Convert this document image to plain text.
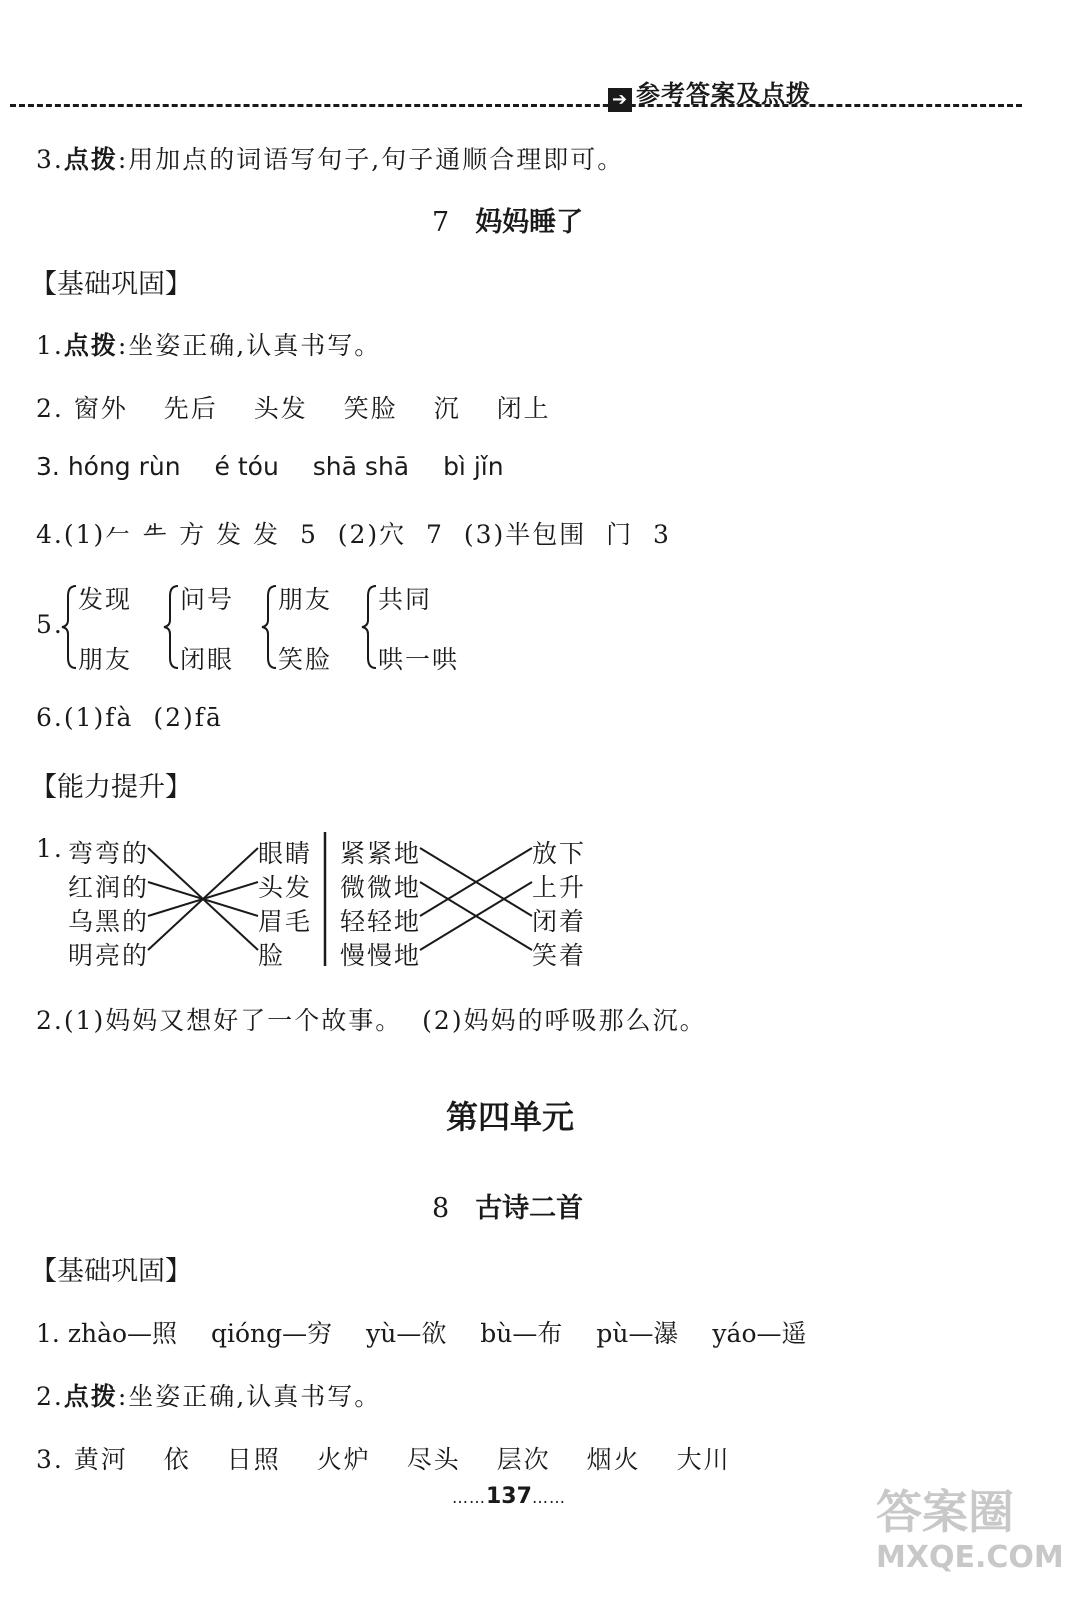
➔ 参考答案及点拨
3.点拨:用加点的词语写句子,句子通顺合理即可。
7 妈妈睡了
【基础巩固】
1.点拨:坐姿正确,认真书写。
2. 窗外 先后 头发 笑脸 沉 闭上
3. hóng rùn é tóu shā shā bì jǐn
4.(1)𠂉 𠂒 方 发 发  5  (2)穴  7  (3)半包围  门  3
5.
发现
朋友
问号
闭眼
朋友
笑脸
共同
哄一哄
6.(1)fà  (2)fā
【能力提升】
1. 弯弯的
红润的
乌黑的
明亮的
眼睛
头发
眉毛
脸
紧紧地
微微地
轻轻地
慢慢地
放下
上升
闭着
笑着
2.(1)妈妈又想好了一个故事。  (2)妈妈的呼吸那么沉。
第四单元
8 古诗二首
【基础巩固】
1. zhào—照 qióng—穷 yù—欲 bù—布 pù—瀑 yáo—遥
2.点拨:坐姿正确,认真书写。
3. 黄河 依 日照 火炉 尽头 层次 烟火 大川
……137……	答案圈
MXQE.COM
